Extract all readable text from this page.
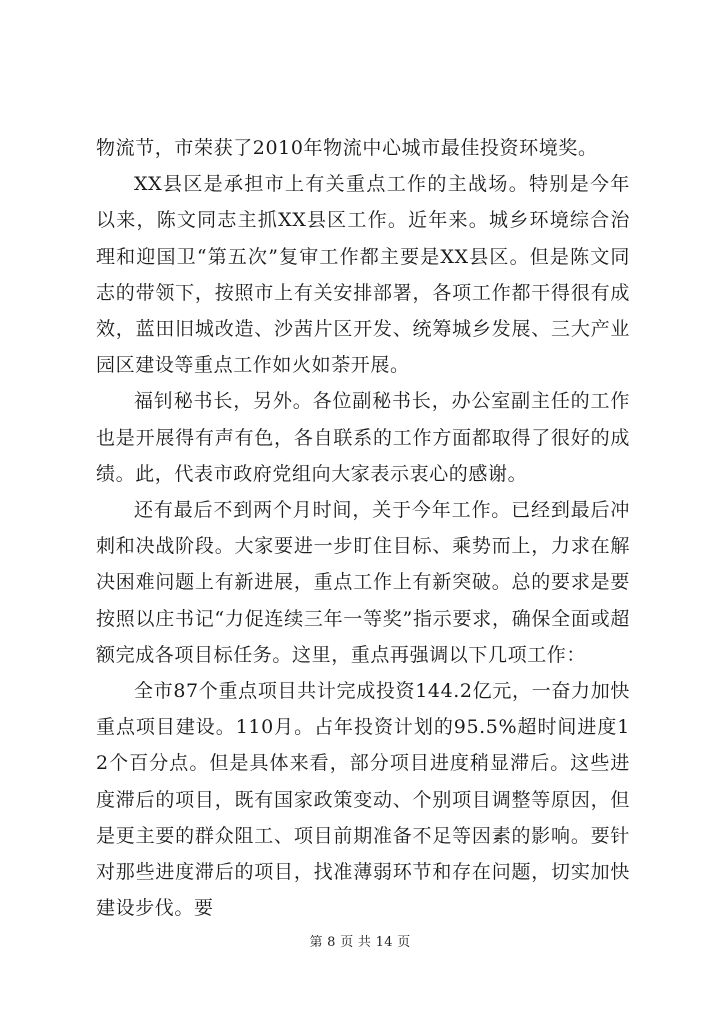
物流节，市荣获了2010年物流中心城市最佳投资环境奖。

XX县区是承担市上有关重点工作的主战场。特别是今年以来，陈文同志主抓XX县区工作。近年来。城乡环境综合治理和迎国卫“第五次”复审工作都主要是XX县区。但是陈文同志的带领下，按照市上有关安排部署，各项工作都干得很有成效，蓝田旧城改造、沙茜片区开发、统筹城乡发展、三大产业园区建设等重点工作如火如荼开展。

福钊秘书长，另外。各位副秘书长，办公室副主任的工作也是开展得有声有色，各自联系的工作方面都取得了很好的成绩。此，代表市政府党组向大家表示衷心的感谢。

还有最后不到两个月时间，关于今年工作。已经到最后冲刺和决战阶段。大家要进一步盯住目标、乘势而上，力求在解决困难问题上有新进展，重点工作上有新突破。总的要求是要按照以庄书记“力促连续三年一等奖”指示要求，确保全面或超额完成各项目标任务。这里，重点再强调以下几项工作：

全市87个重点项目共计完成投资144.2亿元，一奋力加快重点项目建设。110月。占年投资计划的95.5%超时间进度12个百分点。但是具体来看，部分项目进度稍显滞后。这些进度滞后的项目，既有国家政策变动、个别项目调整等原因，但是更主要的群众阻工、项目前期准备不足等因素的影响。要针对那些进度滞后的项目，找准薄弱环节和存在问题，切实加快建设步伐。要

第 8 页 共 14 页
